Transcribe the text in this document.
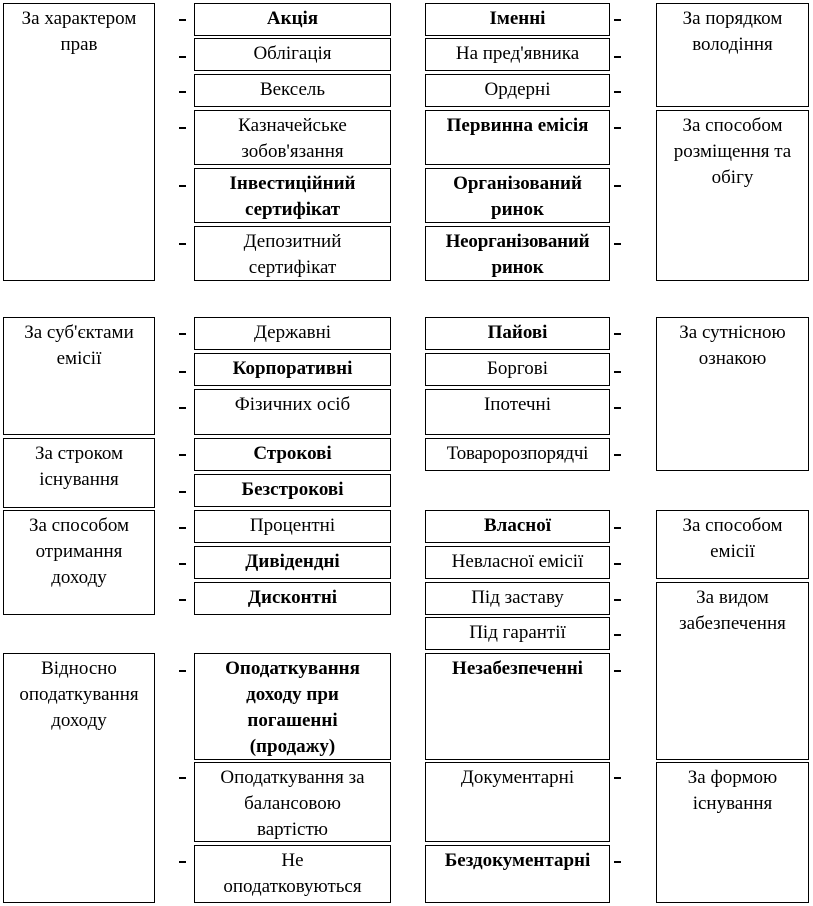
За характером
прав
За суб'єктами
емісії
За строком
існування
За способом
отримання
доходу
Відносно
оподаткування
доходу
За порядком
володіння
За способом
розміщення та
обігу
За сутнісною
ознакою
За способом
емісії
За видом
забезпечення
За формою
існування
Акція
Облігація
Вексель
Казначейське
зобов'язання
Інвестиційний
сертифікат
Депозитний
сертифікат
Державні
Корпоративні
Фізичних осіб
Строкові
Безстрокові
Процентні
Дивідендні
Дисконтні
Оподаткування
доходу при
погашенні
(продажу)
Оподаткування за
балансовою
вартістю
Не
оподатковуються
Іменні
На пред'явника
Ордерні
Первинна емісія
Організований
ринок
Неорганізований
ринок
Пайові
Боргові
Іпотечні
Товаророзпорядчі
Власної
Невласної емісії
Під заставу
Під гарантії
Незабезпеченні
Документарні
Бездокументарні
